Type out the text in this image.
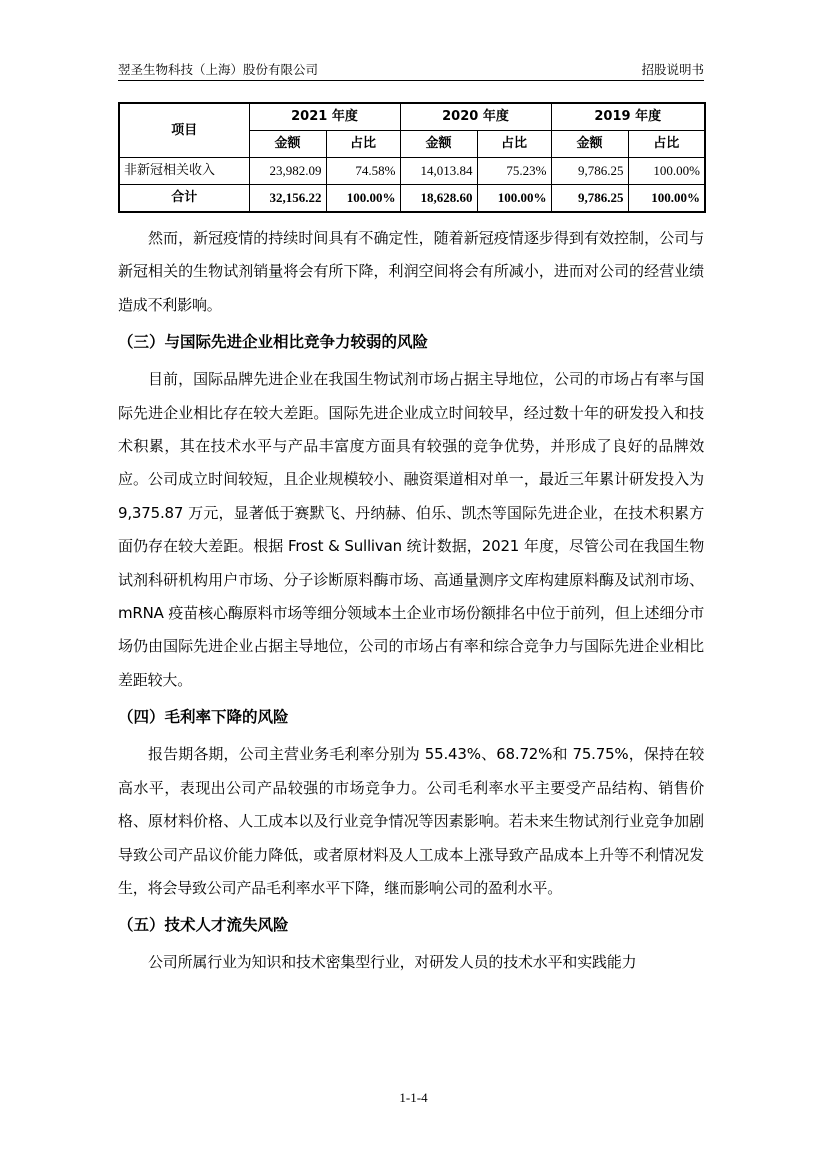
翌圣生物科技（上海）股份有限公司	招股说明书
项目	2021 年度		2020 年度		2019 年度	
	金额	占比	金额	占比	金额	占比
非新冠相关收入	23,982.09	74.58%	14,013.84	75.23%	9,786.25	100.00%
合计	32,156.22	100.00%	18,628.60	100.00%	9,786.25	100.00%

然而，新冠疫情的持续时间具有不确定性，随着新冠疫情逐步得到有效控制，公司与新冠相关的生物试剂销量将会有所下降，利润空间将会有所减小，进而对公司的经营业绩造成不利影响。

（三）与国际先进企业相比竞争力较弱的风险

目前，国际品牌先进企业在我国生物试剂市场占据主导地位，公司的市场占有率与国际先进企业相比存在较大差距。国际先进企业成立时间较早，经过数十年的研发投入和技术积累，其在技术水平与产品丰富度方面具有较强的竞争优势，并形成了良好的品牌效应。公司成立时间较短，且企业规模较小、融资渠道相对单一，最近三年累计研发投入为 9,375.87 万元，显著低于赛默飞、丹纳赫、伯乐、凯杰等国际先进企业，在技术积累方面仍存在较大差距。根据 Frost & Sullivan 统计数据，2021 年度，尽管公司在我国生物试剂科研机构用户市场、分子诊断原料酶市场、高通量测序文库构建原料酶及试剂市场、mRNA 疫苗核心酶原料市场等细分领域本土企业市场份额排名中位于前列，但上述细分市场仍由国际先进企业占据主导地位，公司的市场占有率和综合竞争力与国际先进企业相比差距较大。

（四）毛利率下降的风险

报告期各期，公司主营业务毛利率分别为 55.43%、68.72%和 75.75%，保持在较高水平，表现出公司产品较强的市场竞争力。公司毛利率水平主要受产品结构、销售价格、原材料价格、人工成本以及行业竞争情况等因素影响。若未来生物试剂行业竞争加剧导致公司产品议价能力降低，或者原材料及人工成本上涨导致产品成本上升等不利情况发生，将会导致公司产品毛利率水平下降，继而影响公司的盈利水平。

（五）技术人才流失风险

公司所属行业为知识和技术密集型行业，对研发人员的技术水平和实践能力

1-1-4
